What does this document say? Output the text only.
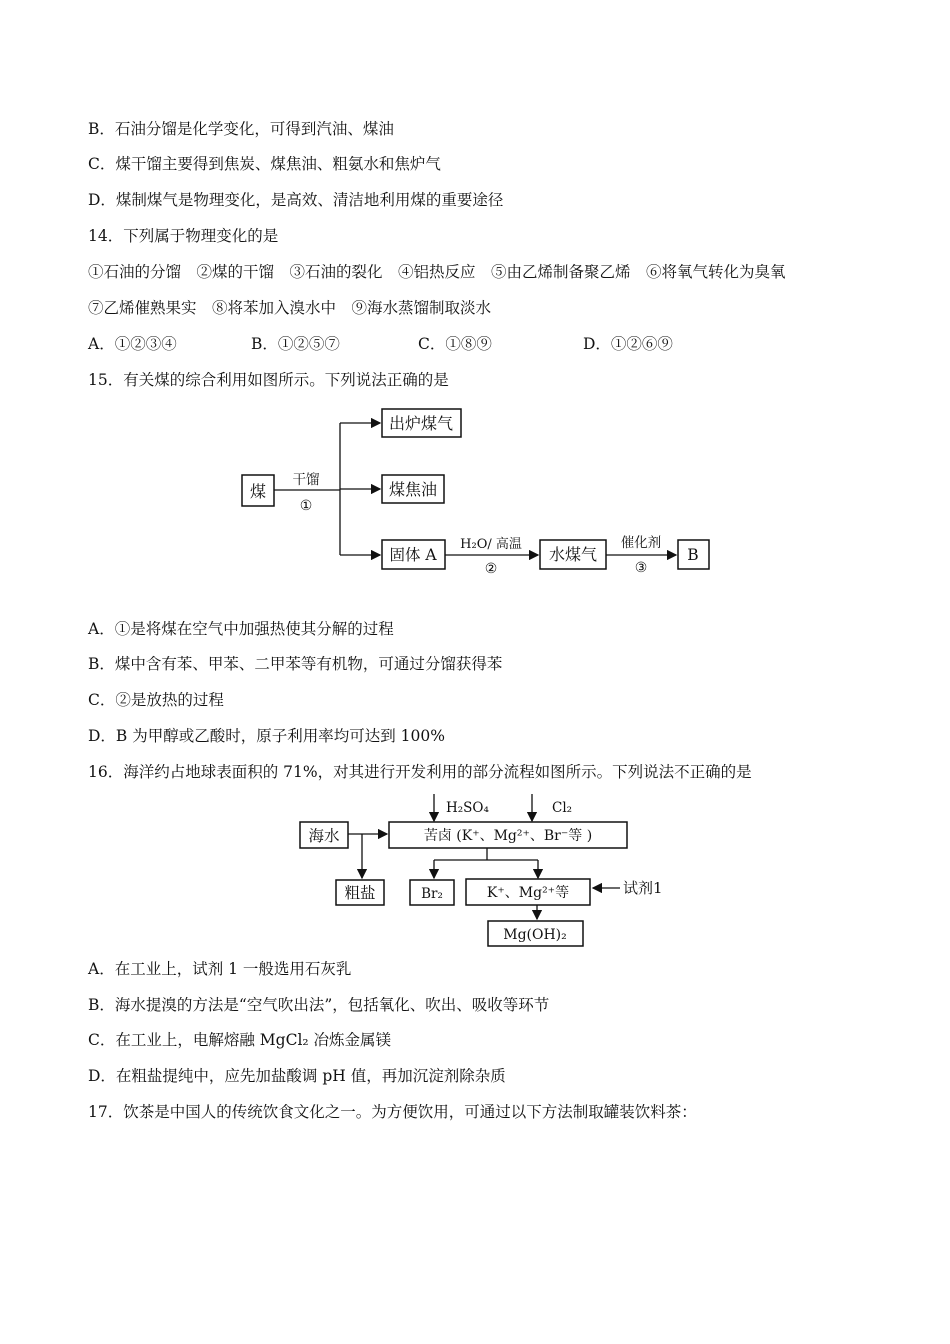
B．石油分馏是化学变化，可得到汽油、煤油
C．煤干馏主要得到焦炭、煤焦油、粗氨水和焦炉气
D．煤制煤气是物理变化，是高效、清洁地利用煤的重要途径
14．下列属于物理变化的是
①石油的分馏　②煤的干馏　③石油的裂化　④铝热反应　⑤由乙烯制备聚乙烯　⑥将氧气转化为臭氧
⑦乙烯催熟果实　⑧将苯加入溴水中　⑨海水蒸馏制取淡水
A．①②③④	B．①②⑤⑦	C．①⑧⑨	D．①②⑥⑨
15．有关煤的综合利用如图所示。下列说法正确的是
煤
干馏
①
出炉煤气
煤焦油
固体 A
H₂O/ 高温
②
水煤气
催化剂
③
B
A．①是将煤在空气中加强热使其分解的过程
B．煤中含有苯、甲苯、二甲苯等有机物，可通过分馏获得苯
C．②是放热的过程
D．B 为甲醇或乙酸时，原子利用率均可达到 100%
16．海洋约占地球表面积的 71%，对其进行开发利用的部分流程如图所示。下列说法不正确的是
H₂SO₄	Cl₂
海水	苦卤 (K⁺、Mg²⁺、Br⁻等 )
粗盐	Br₂	K⁺、Mg²⁺等	试剂1
Mg(OH)₂
A．在工业上，试剂 1 一般选用石灰乳
B．海水提溴的方法是“空气吹出法”，包括氧化、吹出、吸收等环节
C．在工业上，电解熔融 MgCl₂ 冶炼金属镁
D．在粗盐提纯中，应先加盐酸调 pH 值，再加沉淀剂除杂质
17．饮茶是中国人的传统饮食文化之一。为方便饮用，可通过以下方法制取罐装饮料茶：
